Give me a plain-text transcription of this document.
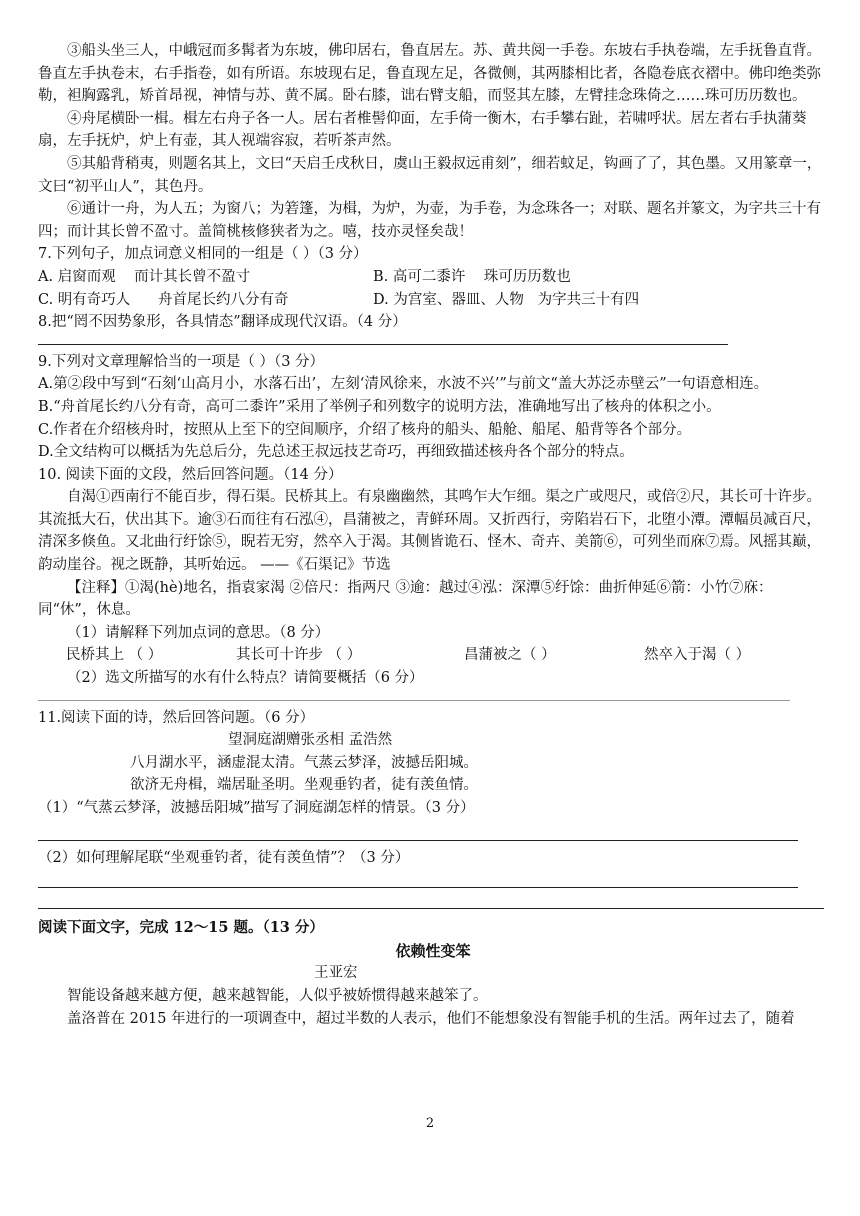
③船头坐三人，中峨冠而多髯者为东坡，佛印居右，鲁直居左。苏、黄共阅一手卷。东坡右手执卷端，左手抚鲁直背。鲁直左手执卷末，右手指卷，如有所语。东坡现右足，鲁直现左足，各微侧，其两膝相比者，各隐卷底衣褶中。佛印绝类弥勒，袒胸露乳，矫首昂视，神情与苏、黄不属。卧右膝，诎右臂支船，而竖其左膝，左臂挂念珠倚之……珠可历历数也。

④舟尾横卧一楫。楫左右舟子各一人。居右者椎髻仰面，左手倚一衡木，右手攀右趾，若啸呼状。居左者右手执蒲葵扇，左手抚炉，炉上有壶，其人视端容寂，若听茶声然。

⑤其船背稍夷，则题名其上，文曰“天启壬戌秋日，虞山王毅叔远甫刻”，细若蚊足，钩画了了，其色墨。又用篆章一，文曰“初平山人”，其色丹。

⑥通计一舟，为人五；为窗八；为箬篷，为楫，为炉，为壶，为手卷，为念珠各一；对联、题名并篆文，为字共三十有四；而计其长曾不盈寸。盖简桃核修狭者为之。嘻，技亦灵怪矣哉！

7.下列句子，加点词意义相同的一组是（ ）（3 分）

A. 启窗而观 而计其长曾不盈寸	B. 高可二黍许 珠可历历数也
C. 明有奇巧人 舟首尾长约八分有奇	D. 为宫室、器皿、人物 为字共三十有四

8.把“罔不因势象形，各具情态”翻译成现代汉语。（4 分）

9.下列对文章理解恰当的一项是（ ）（3 分）

A.第②段中写到“石刻‘山高月小，水落石出’，左刻‘清风徐来，水波不兴’”与前文“盖大苏泛赤壁云”一句语意相连。

B.“舟首尾长约八分有奇，高可二黍许”采用了举例子和列数字的说明方法，准确地写出了核舟的体积之小。

C.作者在介绍核舟时，按照从上至下的空间顺序，介绍了核舟的船头、船舱、船尾、船背等各个部分。

D.全文结构可以概括为先总后分，先总述王叔远技艺奇巧，再细致描述核舟各个部分的特点。

10. 阅读下面的文段，然后回答问题。（14 分）

自渴①西南行不能百步，得石渠。民桥其上。有泉幽幽然，其鸣乍大乍细。渠之广或咫尺，或倍②尺，其长可十许步。其流抵大石，伏出其下。逾③石而往有石泓④，昌蒲被之，青鲜环周。又折西行，旁陷岩石下，北堕小潭。潭幅员减百尺，清深多倏鱼。又北曲行纡馀⑤，睨若无穷，然卒入于渴。其侧皆诡石、怪木、奇卉、美箭⑥，可列坐而庥⑦焉。风摇其巅，韵动崖谷。视之既静，其听始远。 ——《石渠记》节选

【注释】①渴(hè)地名，指袁家渴 ②倍尺：指两尺 ③逾：越过④泓：深潭⑤纡馀：曲折伸延⑥箭：小竹⑦庥：同“休”，休息。

（1）请解释下列加点词的意思。（8 分）

民桥其上 （ ）	其长可十许步 （ ）	昌蒲被之（ ）	然卒入于渴（ ）

（2）选文所描写的水有什么特点？请简要概括（6 分）

11.阅读下面的诗，然后回答问题。（6 分）

望洞庭湖赠张丞相 孟浩然

八月湖水平，涵虚混太清。气蒸云梦泽，波撼岳阳城。

欲济无舟楫，端居耻圣明。坐观垂钓者，徒有羡鱼情。

（1）“气蒸云梦泽，波撼岳阳城”描写了洞庭湖怎样的情景。（3 分）

（2）如何理解尾联“坐观垂钓者，徒有羡鱼情”？（3 分）

阅读下面文字，完成 12～15 题。（13 分）

依赖性变笨

王亚宏

智能设备越来越方便，越来越智能，人似乎被娇惯得越来越笨了。

盖洛普在 2015 年进行的一项调查中，超过半数的人表示，他们不能想象没有智能手机的生活。两年过去了，随着

2
